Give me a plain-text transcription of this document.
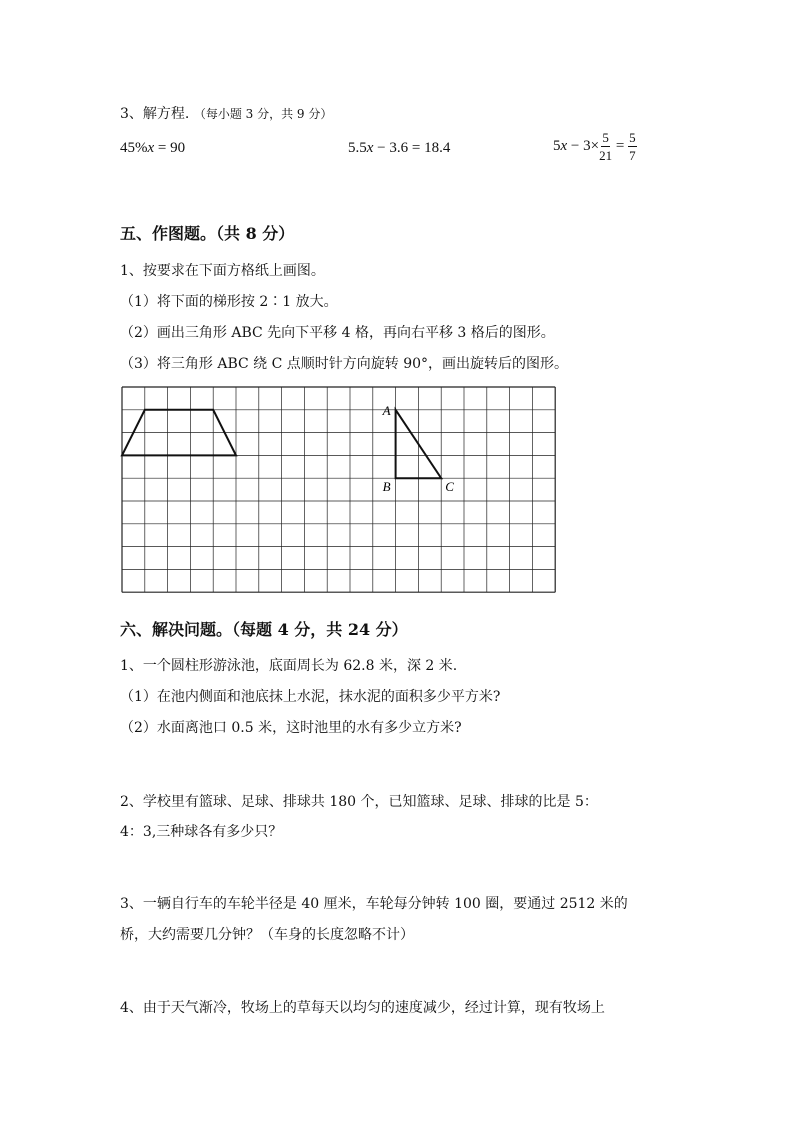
3、解方程. （每小题 3 分，共 9 分）
45%x = 90	5.5x − 3.6 = 18.4	$5x - 3\times \frac{5}{21} = \frac{5}{7}$
五、作图题。（共 8 分）
1、按要求在下面方格纸上画图。
（1）将下面的梯形按 2∶1 放大。
（2）画出三角形 ABC 先向下平移 4 格，再向右平移 3 格后的图形。
（3）将三角形 ABC 绕 C 点顺时针方向旋转 90°，画出旋转后的图形。
A
B	C
六、解决问题。（每题 4 分，共 24 分）
1、一个圆柱形游泳池，底面周长为 62.8 米，深 2 米.
（1）在池内侧面和池底抹上水泥，抹水泥的面积多少平方米?
（2）水面离池口 0.5 米，这时池里的水有多少立方米?
2、学校里有篮球、足球、排球共 180 个，已知篮球、足球、排球的比是 5：
4：3,三种球各有多少只？
3、一辆自行车的车轮半径是 40 厘米，车轮每分钟转 100 圈，要通过 2512 米的
桥，大约需要几分钟？（车身的长度忽略不计）
4、由于天气渐冷，牧场上的草每天以均匀的速度减少，经过计算，现有牧场上
